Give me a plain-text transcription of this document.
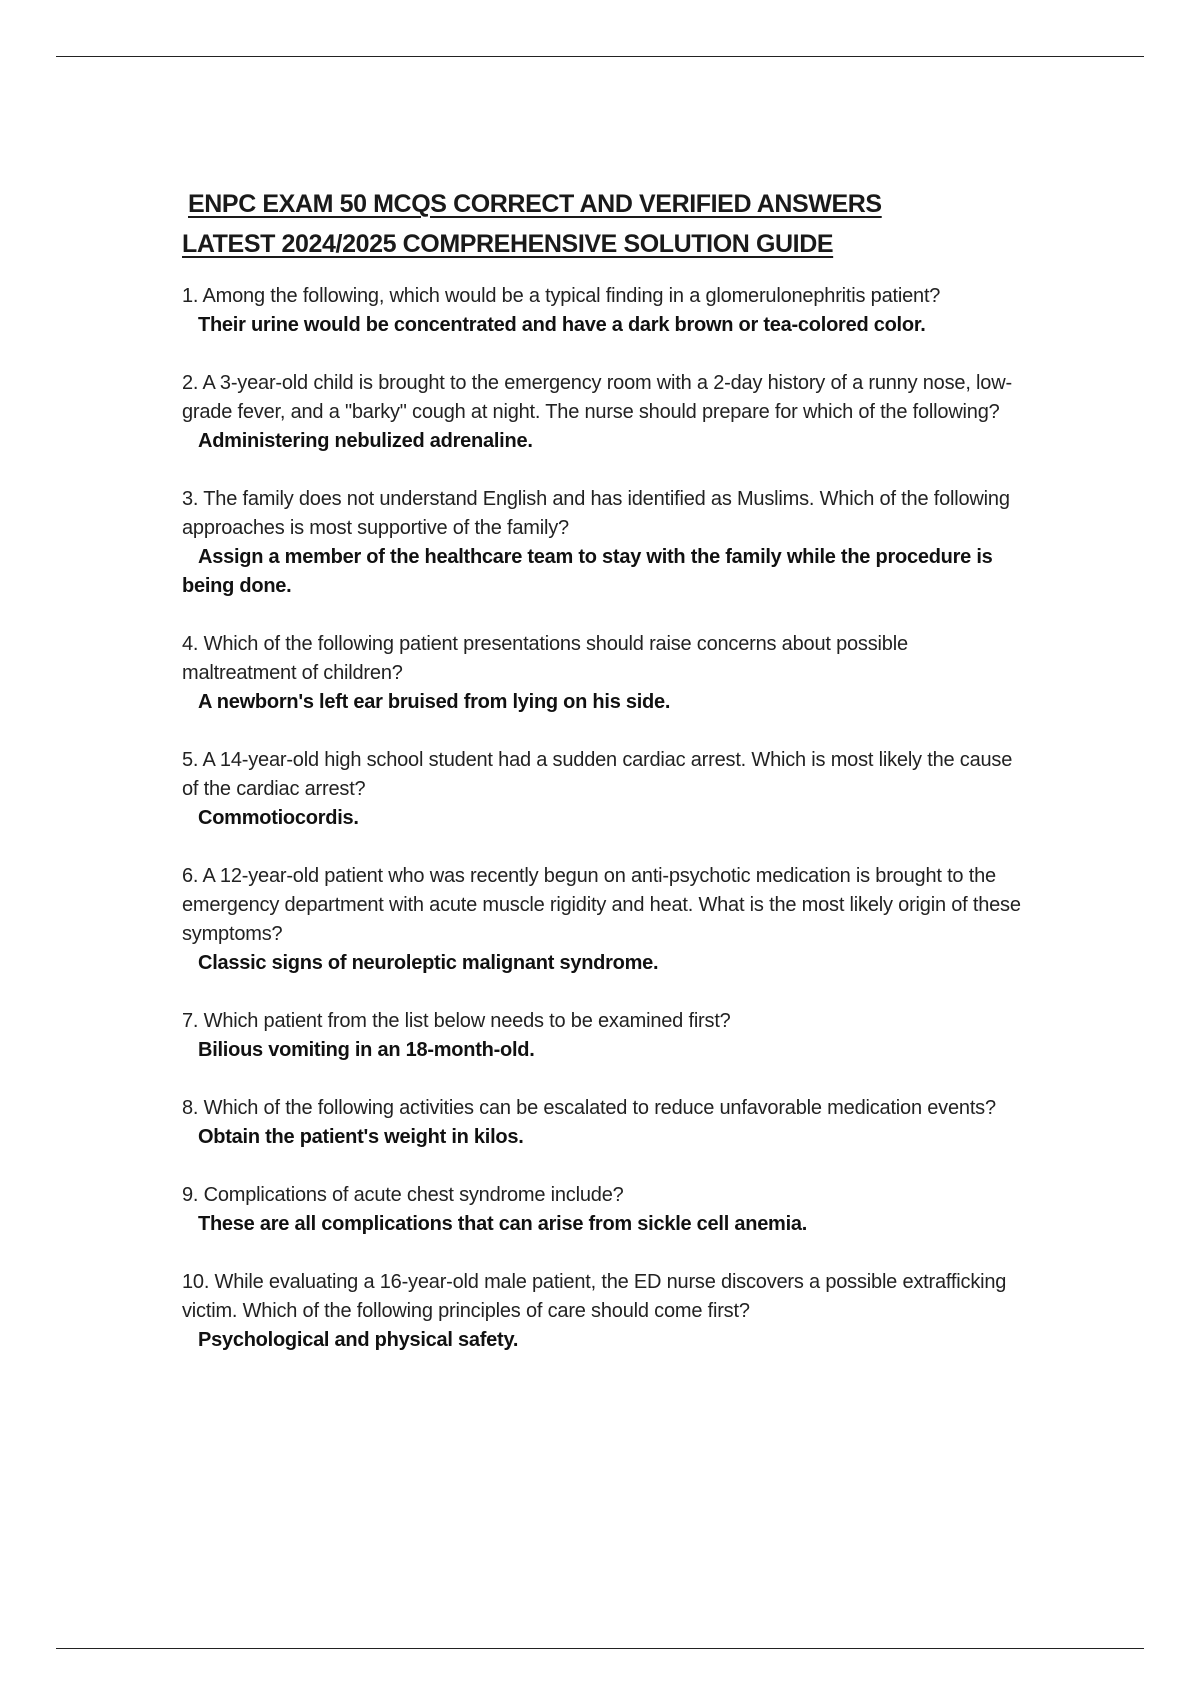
ENPC EXAM 50 MCQS CORRECT AND VERIFIED ANSWERS
LATEST 2024/2025 COMPREHENSIVE SOLUTION GUIDE
1. Among the following, which would be a typical finding in a glomerulonephritis patient?
Their urine would be concentrated and have a dark brown or tea-colored color.
2. A 3-year-old child is brought to the emergency room with a 2-day history of a runny nose, low-grade fever, and a "barky" cough at night. The nurse should prepare for which of the following?
Administering nebulized adrenaline.
3. The family does not understand English and has identified as Muslims. Which of the following approaches is most supportive of the family?
Assign a member of the healthcare team to stay with the family while the procedure is being done.
4. Which of the following patient presentations should raise concerns about possible maltreatment of children?
A newborn's left ear bruised from lying on his side.
5. A 14-year-old high school student had a sudden cardiac arrest. Which is most likely the cause of the cardiac arrest?
Commotiocordis.
6. A 12-year-old patient who was recently begun on anti-psychotic medication is brought to the emergency department with acute muscle rigidity and heat. What is the most likely origin of these symptoms?
Classic signs of neuroleptic malignant syndrome.
7. Which patient from the list below needs to be examined first?
Bilious vomiting in an 18-month-old.
8. Which of the following activities can be escalated to reduce unfavorable medication events?
Obtain the patient's weight in kilos.
9. Complications of acute chest syndrome include?
These are all complications that can arise from sickle cell anemia.
10. While evaluating a 16-year-old male patient, the ED nurse discovers a possible extrafficking victim. Which of the following principles of care should come first?
Psychological and physical safety.
